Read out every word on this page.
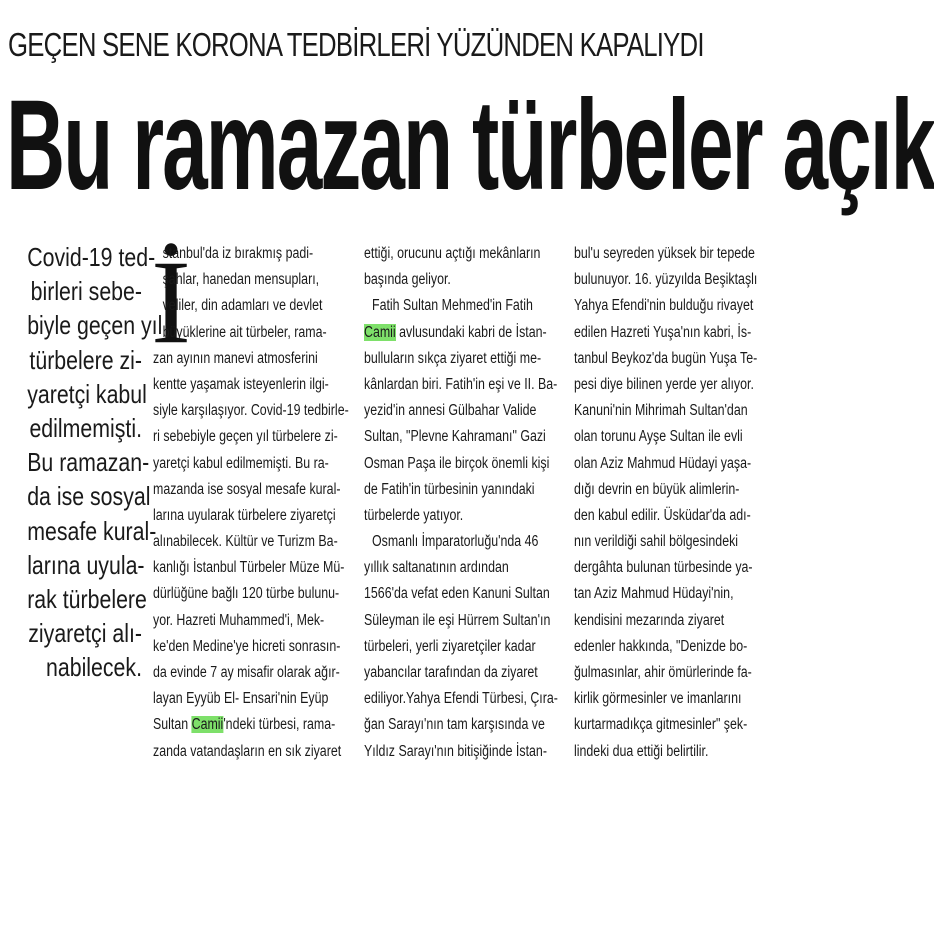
GEÇEN SENE KORONA TEDBİRLERİ YÜZÜNDEN KAPALIYDI
Bu ramazan türbeler açık
Covid-19 ted-
birleri sebe-
biyle geçen yıl
türbelere zi-
yaretçi kabul
edilmemişti.
Bu ramazan-
da ise sosyal
mesafe kural-
larına uyula-
rak türbelere
ziyaretçi alı-
nabilecek.
İ
stanbul'da iz bırakmış padi-
şahlar, hanedan mensupları,
veliler, din adamları ve devlet
büyüklerine ait türbeler, rama-
zan ayının manevi atmosferini
kentte yaşamak isteyenlerin ilgi-
siyle karşılaşıyor. Covid-19 tedbirle-
ri sebebiyle geçen yıl türbelere zi-
yaretçi kabul edilmemişti. Bu ra-
mazanda ise sosyal mesafe kural-
larına uyularak türbelere ziyaretçi
alınabilecek. Kültür ve Turizm Ba-
kanlığı İstanbul Türbeler Müze Mü-
dürlüğüne bağlı 120 türbe bulunu-
yor. Hazreti Muhammed'i, Mek-
ke'den Medine'ye hicreti sonrasın-
da evinde 7 ay misafir olarak ağır-
layan Eyyüb El- Ensari'nin Eyüp
Sultan Camii'ndeki türbesi, rama-
zanda vatandaşların en sık ziyaret
ettiği, orucunu açtığı mekânların
başında geliyor.
Fatih Sultan Mehmed'in Fatih
Camii avlusundaki kabri de İstan-
bulluların sıkça ziyaret ettiği me-
kânlardan biri. Fatih'in eşi ve II. Ba-
yezid'in annesi Gülbahar Valide
Sultan, "Plevne Kahramanı" Gazi
Osman Paşa ile birçok önemli kişi
de Fatih'in türbesinin yanındaki
türbelerde yatıyor.
Osmanlı İmparatorluğu'nda 46
yıllık saltanatının ardından
1566'da vefat eden Kanuni Sultan
Süleyman ile eşi Hürrem Sultan'ın
türbeleri, yerli ziyaretçiler kadar
yabancılar tarafından da ziyaret
ediliyor.Yahya Efendi Türbesi, Çıra-
ğan Sarayı'nın tam karşısında ve
Yıldız Sarayı'nın bitişiğinde İstan-
bul'u seyreden yüksek bir tepede
bulunuyor. 16. yüzyılda Beşiktaşlı
Yahya Efendi'nin bulduğu rivayet
edilen Hazreti Yuşa'nın kabri, İs-
tanbul Beykoz'da bugün Yuşa Te-
pesi diye bilinen yerde yer alıyor.
Kanuni'nin Mihrimah Sultan'dan
olan torunu Ayşe Sultan ile evli
olan Aziz Mahmud Hüdayi yaşa-
dığı devrin en büyük alimlerin-
den kabul edilir. Üsküdar'da adı-
nın verildiği sahil bölgesindeki
dergâhta bulunan türbesinde ya-
tan Aziz Mahmud Hüdayi'nin,
kendisini mezarında ziyaret
edenler hakkında, "Denizde bo-
ğulmasınlar, ahir ömürlerinde fa-
kirlik görmesinler ve imanlarını
kurtarmadıkça gitmesinler" şek-
lindeki dua ettiği belirtilir.
